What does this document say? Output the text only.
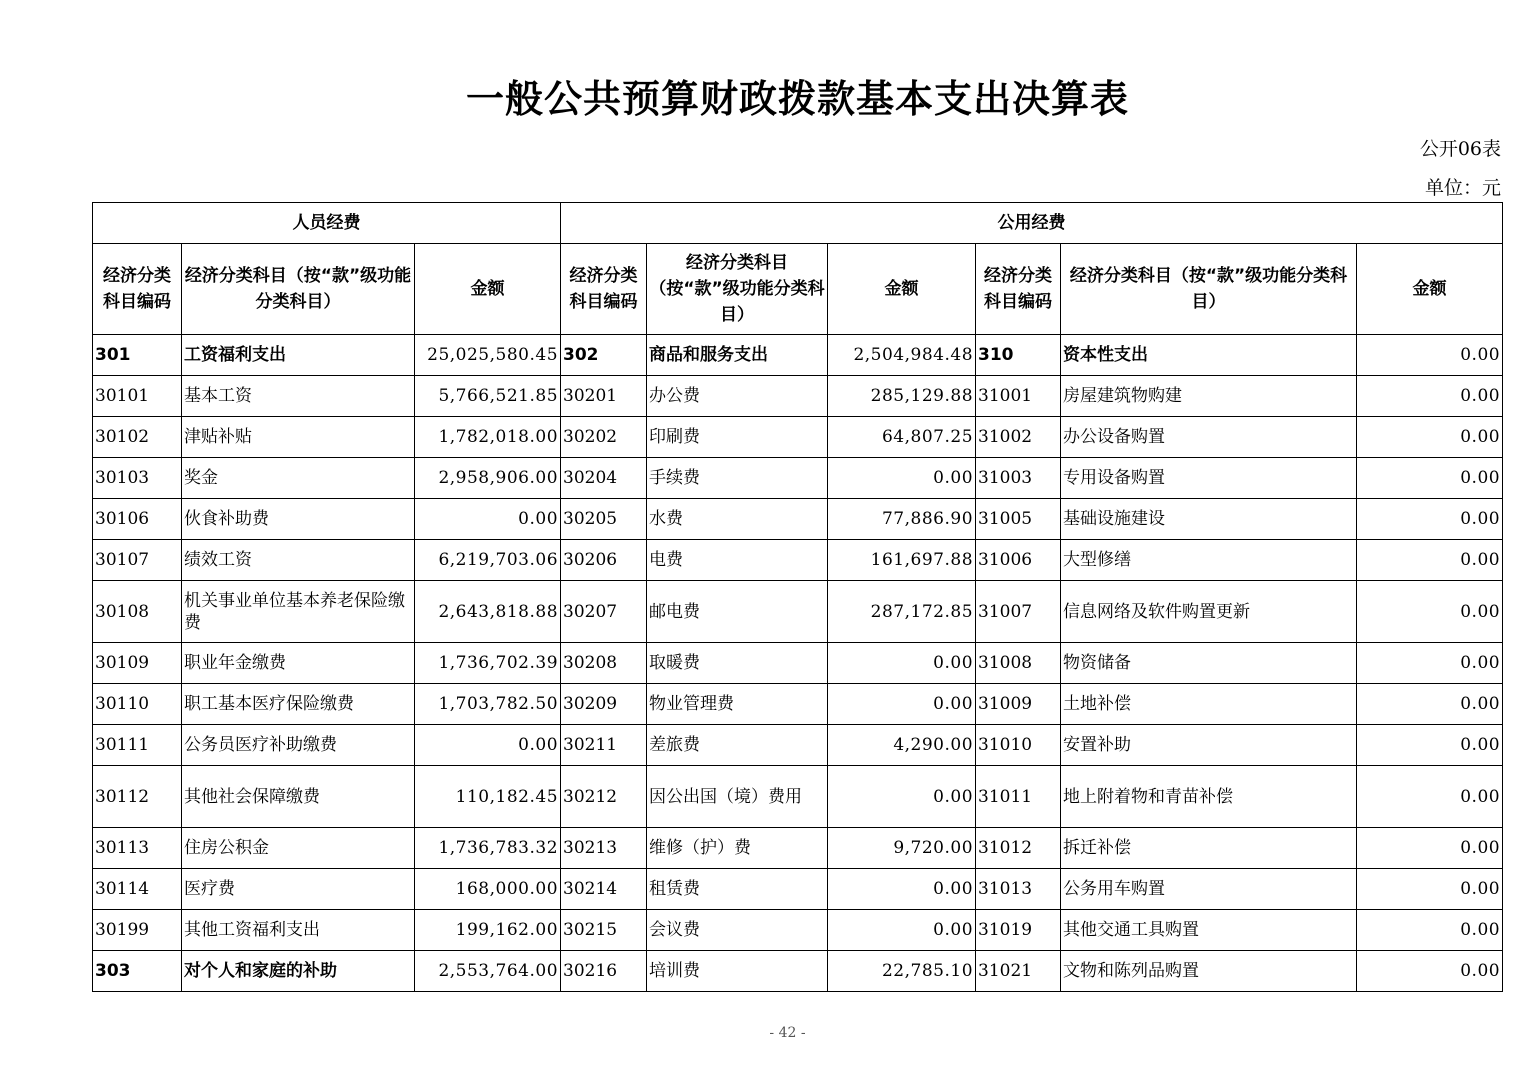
一般公共预算财政拨款基本支出决算表
公开06表
单位：元
人员经费			公用经费					
经济分类科目编码	经济分类科目（按“款”级功能分类科目）	金额	经济分类科目编码	经济分类科目（按“款”级功能分类科目）	金额	经济分类科目编码	经济分类科目（按“款”级功能分类科目）	金额
301	工资福利支出	25,025,580.45	302	商品和服务支出	2,504,984.48	310	资本性支出	0.00
30101	基本工资	5,766,521.85	30201	办公费	285,129.88	31001	房屋建筑物购建	0.00
30102	津贴补贴	1,782,018.00	30202	印刷费	64,807.25	31002	办公设备购置	0.00
30103	奖金	2,958,906.00	30204	手续费	0.00	31003	专用设备购置	0.00
30106	伙食补助费	0.00	30205	水费	77,886.90	31005	基础设施建设	0.00
30107	绩效工资	6,219,703.06	30206	电费	161,697.88	31006	大型修缮	0.00
30108	机关事业单位基本养老保险缴费	2,643,818.88	30207	邮电费	287,172.85	31007	信息网络及软件购置更新	0.00
30109	职业年金缴费	1,736,702.39	30208	取暖费	0.00	31008	物资储备	0.00
30110	职工基本医疗保险缴费	1,703,782.50	30209	物业管理费	0.00	31009	土地补偿	0.00
30111	公务员医疗补助缴费	0.00	30211	差旅费	4,290.00	31010	安置补助	0.00
30112	其他社会保障缴费	110,182.45	30212	因公出国（境）费用	0.00	31011	地上附着物和青苗补偿	0.00
30113	住房公积金	1,736,783.32	30213	维修（护）费	9,720.00	31012	拆迁补偿	0.00
30114	医疗费	168,000.00	30214	租赁费	0.00	31013	公务用车购置	0.00
30199	其他工资福利支出	199,162.00	30215	会议费	0.00	31019	其他交通工具购置	0.00
303	对个人和家庭的补助	2,553,764.00	30216	培训费	22,785.10	31021	文物和陈列品购置	0.00
- 42 -
